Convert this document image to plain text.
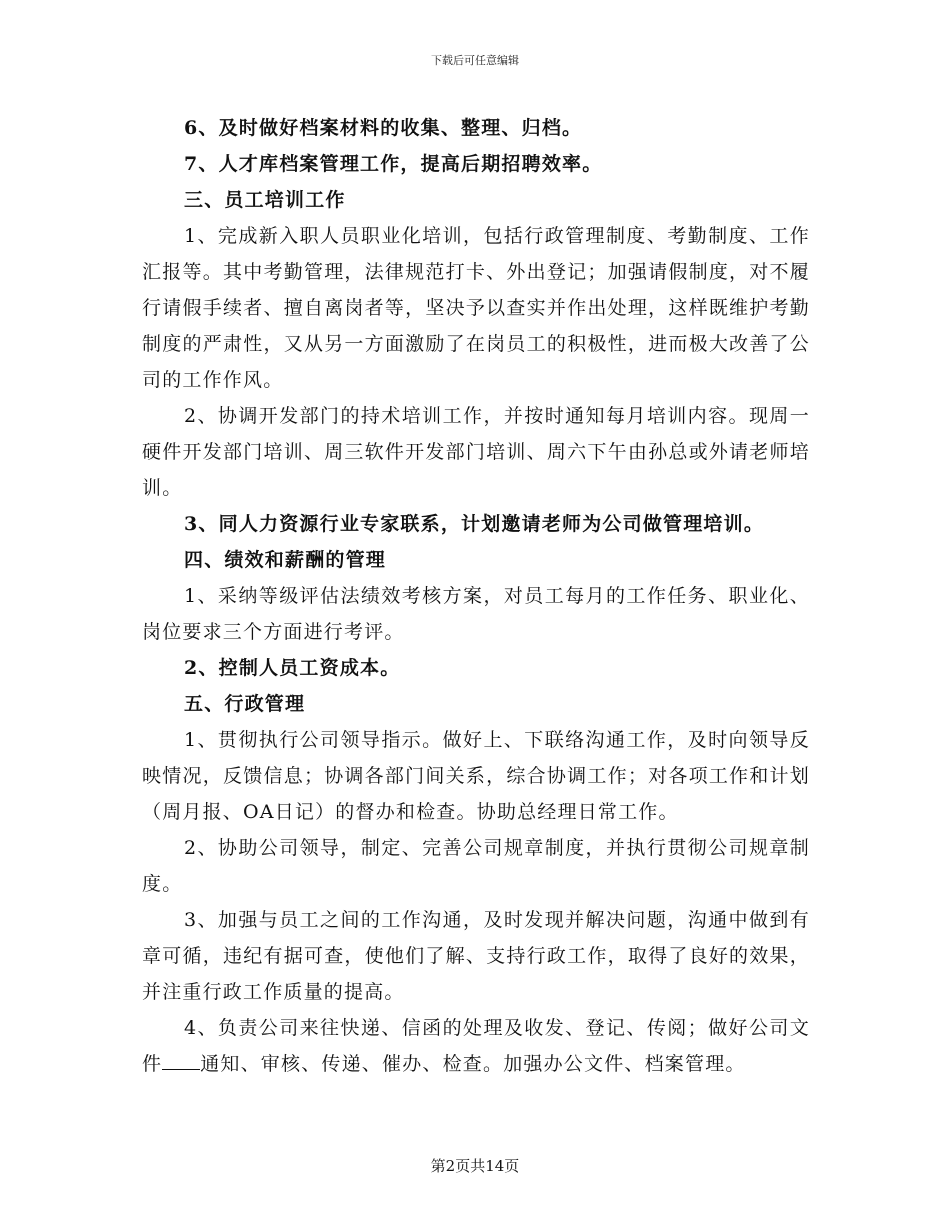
下载后可任意编辑

6、及时做好档案材料的收集、整理、归档。

7、人才库档案管理工作，提高后期招聘效率。

三、员工培训工作

1、完成新入职人员职业化培训，包括行政管理制度、考勤制度、工作汇报等。其中考勤管理，法律规范打卡、外出登记；加强请假制度，对不履行请假手续者、擅自离岗者等，坚决予以查实并作出处理，这样既维护考勤制度的严肃性，又从另一方面激励了在岗员工的积极性，进而极大改善了公司的工作作风。

2、协调开发部门的持术培训工作，并按时通知每月培训内容。现周一硬件开发部门培训、周三软件开发部门培训、周六下午由孙总或外请老师培训。

3、同人力资源行业专家联系，计划邀请老师为公司做管理培训。

四、绩效和薪酬的管理

1、采纳等级评估法绩效考核方案，对员工每月的工作任务、职业化、岗位要求三个方面进行考评。

2、控制人员工资成本。

五、行政管理

1、贯彻执行公司领导指示。做好上、下联络沟通工作，及时向领导反映情况，反馈信息；协调各部门间关系，综合协调工作；对各项工作和计划（周月报、OA日记）的督办和检查。协助总经理日常工作。

2、协助公司领导，制定、完善公司规章制度，并执行贯彻公司规章制度。

3、加强与员工之间的工作沟通，及时发现并解决问题，沟通中做到有章可循，违纪有据可查，使他们了解、支持行政工作，取得了良好的效果，并注重行政工作质量的提高。

4、负责公司来往快递、信函的处理及收发、登记、传阅；做好公司文件 通知、审核、传递、催办、检查。加强办公文件、档案管理。

第2页共14页
